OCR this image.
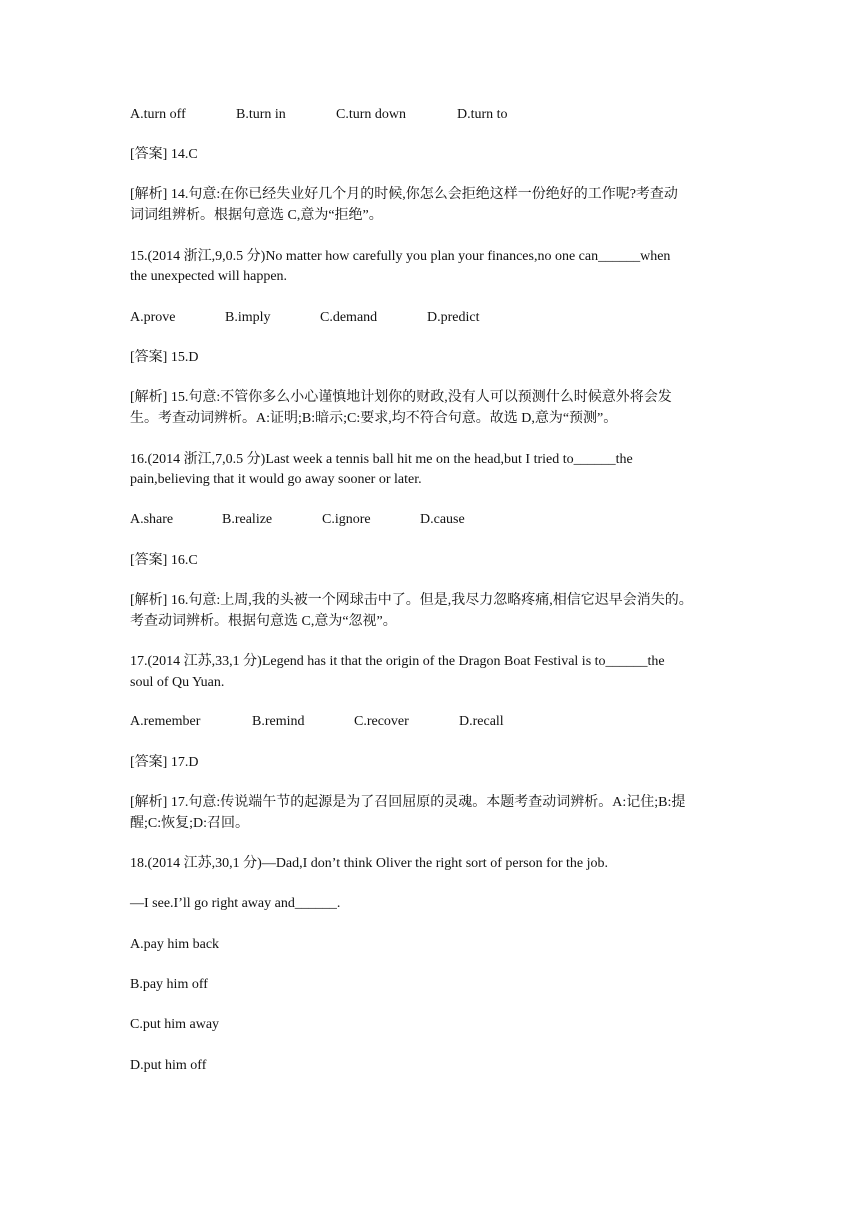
A.turn off	B.turn in	C.turn down	D.turn to

[答案] 14.C

[解析] 14.句意:在你已经失业好几个月的时候,你怎么会拒绝这样一份绝好的工作呢?考查动

词词组辨析。根据句意选 C,意为“拒绝”。

15.(2014 浙江,9,0.5 分)No matter how carefully you plan your finances,no one can______when

the unexpected will happen.

A.prove	B.imply	C.demand	D.predict

[答案] 15.D

[解析] 15.句意:不管你多么小心谨慎地计划你的财政,没有人可以预测什么时候意外将会发

生。考查动词辨析。A:证明;B:暗示;C:要求,均不符合句意。故选 D,意为“预测”。

16.(2014 浙江,7,0.5 分)Last week a tennis ball hit me on the head,but I tried to______the

pain,believing that it would go away sooner or later.

A.share	B.realize	C.ignore	D.cause

[答案] 16.C

[解析] 16.句意:上周,我的头被一个网球击中了。但是,我尽力忽略疼痛,相信它迟早会消失的。

考查动词辨析。根据句意选 C,意为“忽视”。

17.(2014 江苏,33,1 分)Legend has it that the origin of the Dragon Boat Festival is to______the

soul of Qu Yuan.

A.remember	B.remind	C.recover	D.recall

[答案] 17.D

[解析] 17.句意:传说端午节的起源是为了召回屈原的灵魂。本题考查动词辨析。A:记住;B:提

醒;C:恢复;D:召回。

18.(2014 江苏,30,1 分)—Dad,I don’t think Oliver the right sort of person for the job.

—I see.I’ll go right away and______.

A.pay him back

B.pay him off

C.put him away

D.put him off
